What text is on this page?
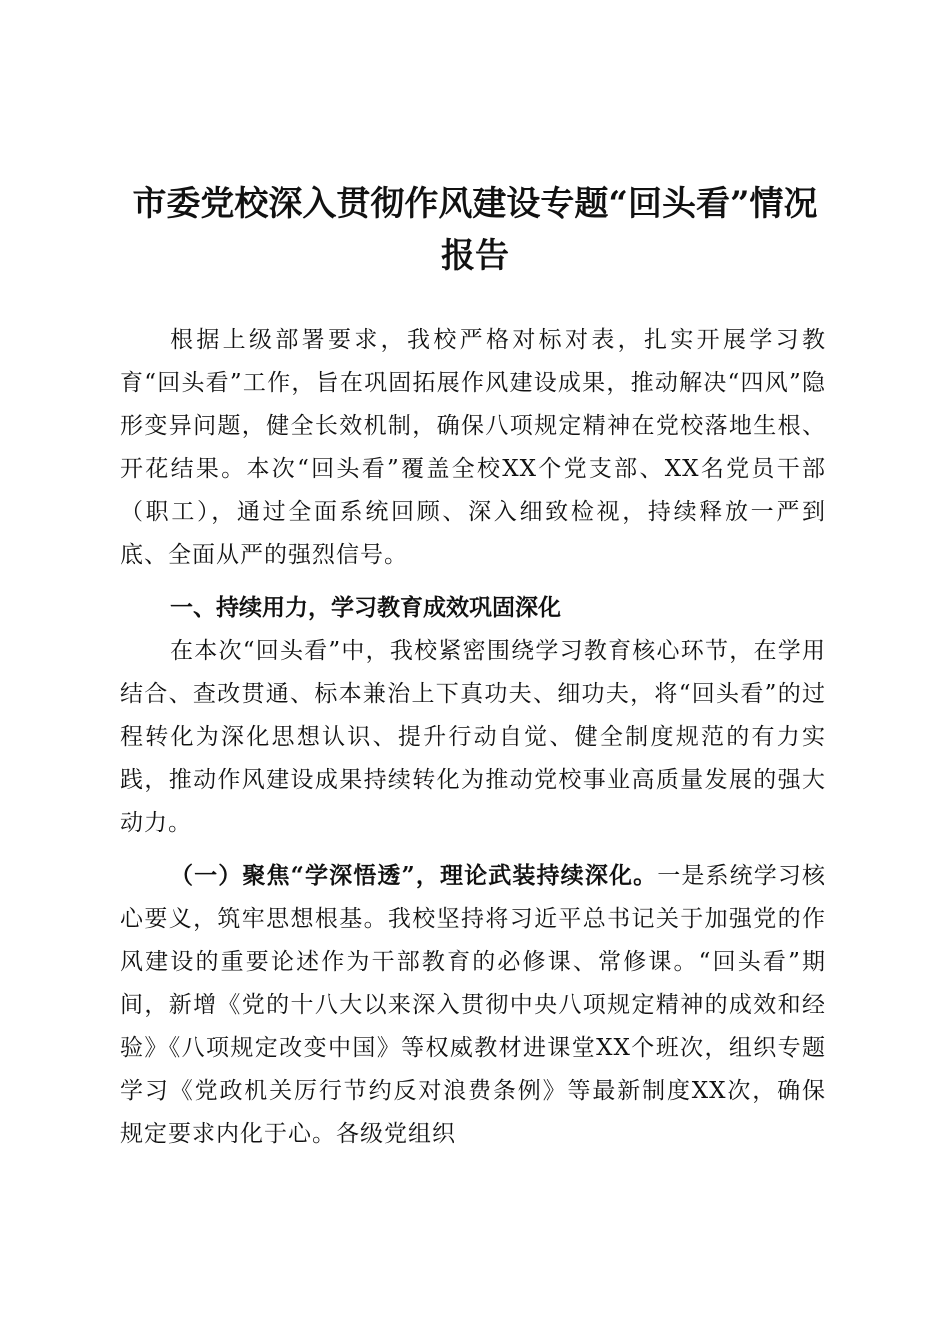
市委党校深入贯彻作风建设专题“回头看”情况报告

根据上级部署要求，我校严格对标对表，扎实开展学习教育“回头看”工作，旨在巩固拓展作风建设成果，推动解决“四风”隐形变异问题，健全长效机制，确保八项规定精神在党校落地生根、开花结果。本次“回头看”覆盖全校XX个党支部、XX名党员干部（职工），通过全面系统回顾、深入细致检视，持续释放一严到底、全面从严的强烈信号。

一、持续用力，学习教育成效巩固深化

在本次“回头看”中，我校紧密围绕学习教育核心环节，在学用结合、查改贯通、标本兼治上下真功夫、细功夫，将“回头看”的过程转化为深化思想认识、提升行动自觉、健全制度规范的有力实践，推动作风建设成果持续转化为推动党校事业高质量发展的强大动力。

（一）聚焦“学深悟透”，理论武装持续深化。一是系统学习核心要义，筑牢思想根基。我校坚持将习近平总书记关于加强党的作风建设的重要论述作为干部教育的必修课、常修课。“回头看”期间，新增《党的十八大以来深入贯彻中央八项规定精神的成效和经验》《八项规定改变中国》等权威教材进课堂XX个班次，组织专题学习《党政机关厉行节约反对浪费条例》等最新制度XX次，确保规定要求内化于心。各级党组织
